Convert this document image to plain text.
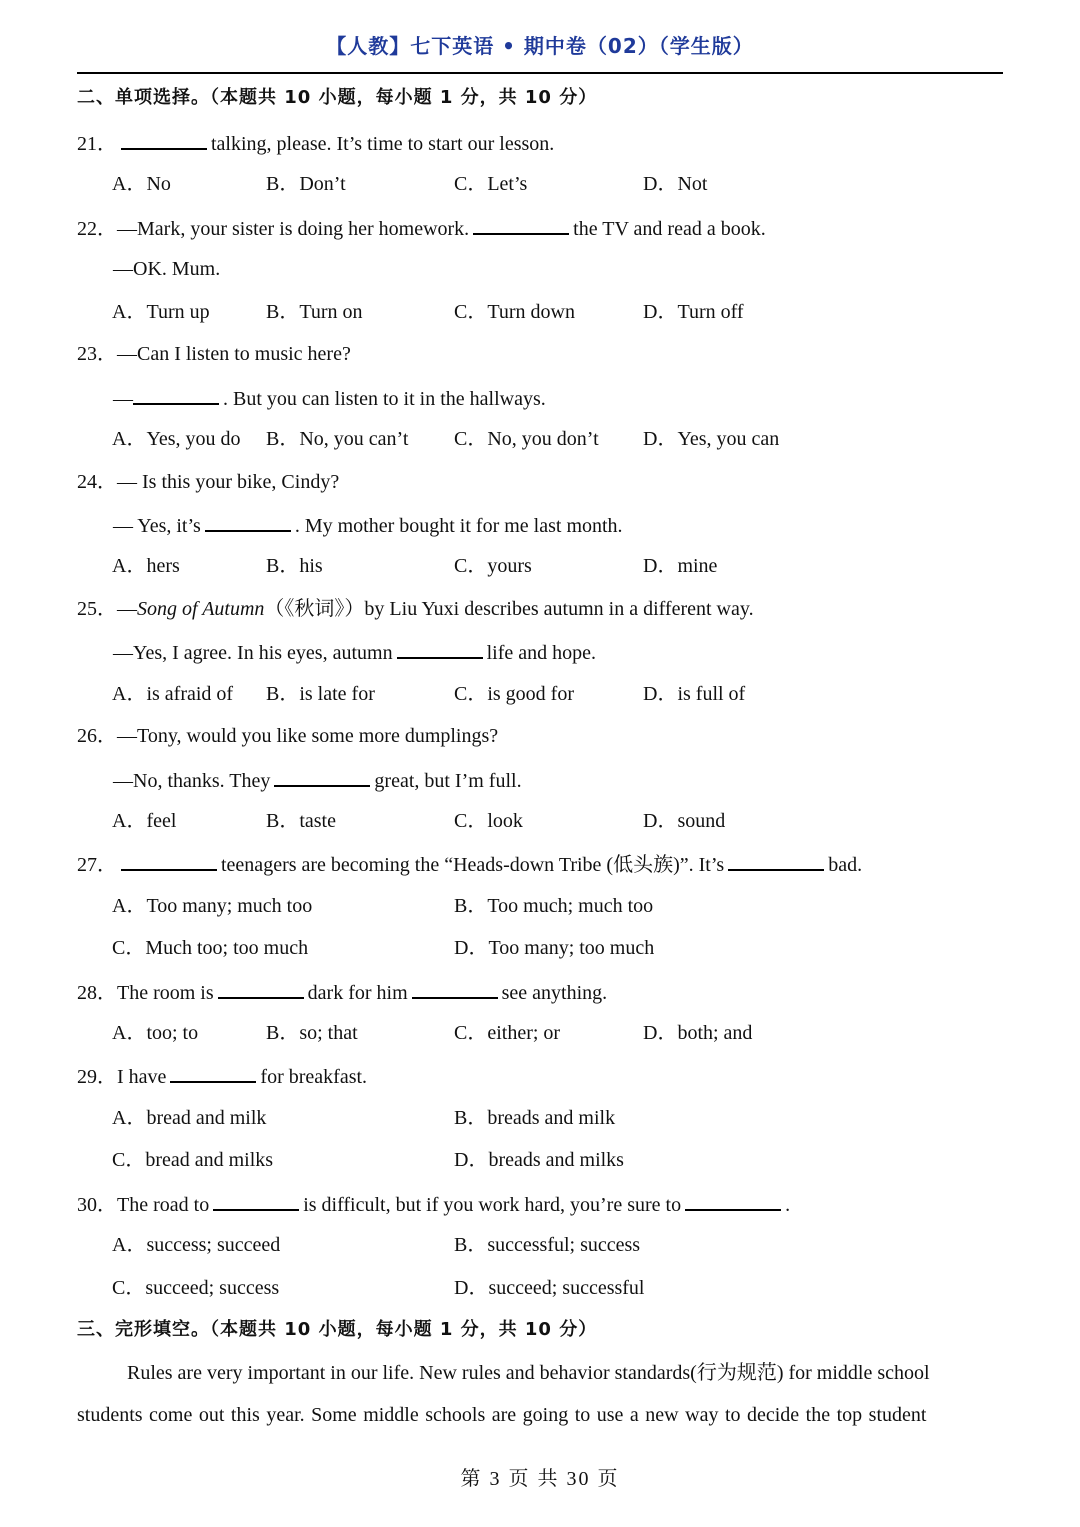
【人教】七下英语 • 期中卷（02）（学生版）
二、单项选择。（本题共 10 小题，每小题 1 分，共 10 分）
21．	talking, please. It’s time to start our lesson.
A．No	B．Don’t	C．Let’s	D．Not
22．—Mark, your sister is doing her homework.	the TV and read a book.
—OK. Mum.
A．Turn up	B．Turn on	C．Turn down	D．Turn off
23．—Can I listen to music here?
—	. But you can listen to it in the hallways.
A．Yes, you do B．No, you can’t C．No, you don’t D．Yes, you can
24．— Is this your bike, Cindy?
— Yes, it’s	. My mother bought it for me last month.
A．hers	B．his	C．yours	D．mine
25．—Song of Autumn（《秋词》）by Liu Yuxi describes autumn in a different way.
—Yes, I agree. In his eyes, autumn	life and hope.
A．is afraid of B．is late for	C．is good for	D．is full of
26．—Tony, would you like some more dumplings?
—No, thanks. They	great, but I’m full.
A．feel	B．taste	C．look	D．sound
27．	teenagers are becoming the “Heads-down Tribe (低头族)”. It’s	bad.
A．Too many; much too	B．Too much; much too
C．Much too; too much	D．Too many; too much
28．The room is	dark for him	see anything.
A．too; to	B．so; that	C．either; or	D．both; and
29．I have	for breakfast.
A．bread and milk	B．breads and milk
C．bread and milks	D．breads and milks
30．The road to	is difficult, but if you work hard, you’re sure to	.
A．success; succeed	B．successful; success
C．succeed; success	D．succeed; successful
三、完形填空。（本题共 10 小题，每小题 1 分，共 10 分）
Rules are very important in our life. New rules and behavior standards(行为规范) for middle school
students come out this year. Some middle schools are going to use a new way to decide the top student
第 3 页 共 30 页
